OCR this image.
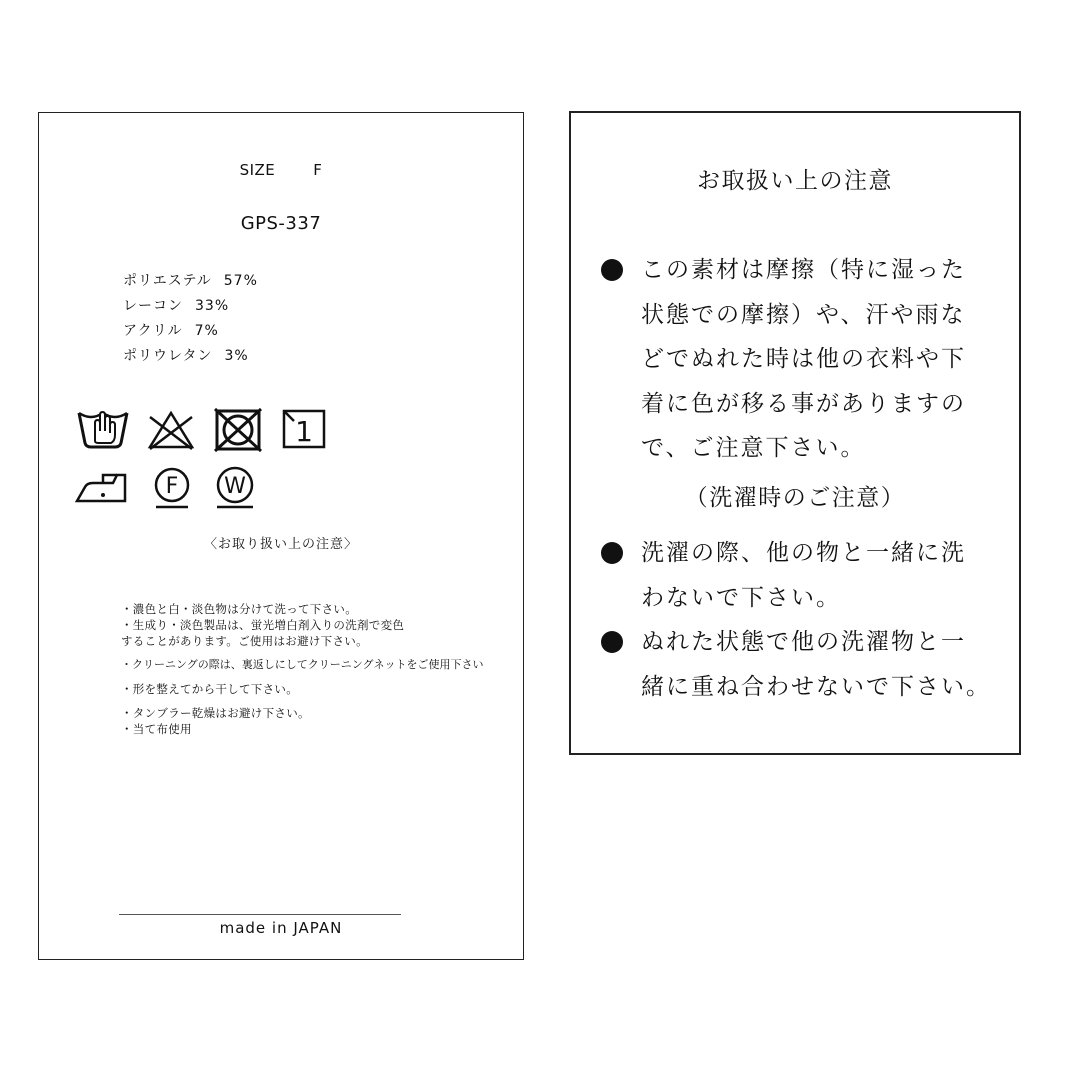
SIZE	F
GPS-337
ポリエステル 57%
レーコン 33%
アクリル 7%
ポリウレタン 3%

1

F
W
〈お取り扱い上の注意〉
・濃色と白・淡色物は分けて洗って下さい。
・生成り・淡色製品は、蛍光増白剤入りの洗剤で変色
することがあります。ご使用はお避け下さい。
・クリーニングの際は、裏返しにしてクリーニングネットをご使用下さい
・形を整えてから干して下さい。
・タンブラー乾燥はお避け下さい。
・当て布使用
made in JAPAN
お取扱い上の注意
この素材は摩擦（特に湿った
状態での摩擦）や、汗や雨な
どでぬれた時は他の衣料や下
着に色が移る事がありますの
で、ご注意下さい。
（洗濯時のご注意）
洗濯の際、他の物と一緒に洗
わないで下さい。
ぬれた状態で他の洗濯物と一
緒に重ね合わせないで下さい。
